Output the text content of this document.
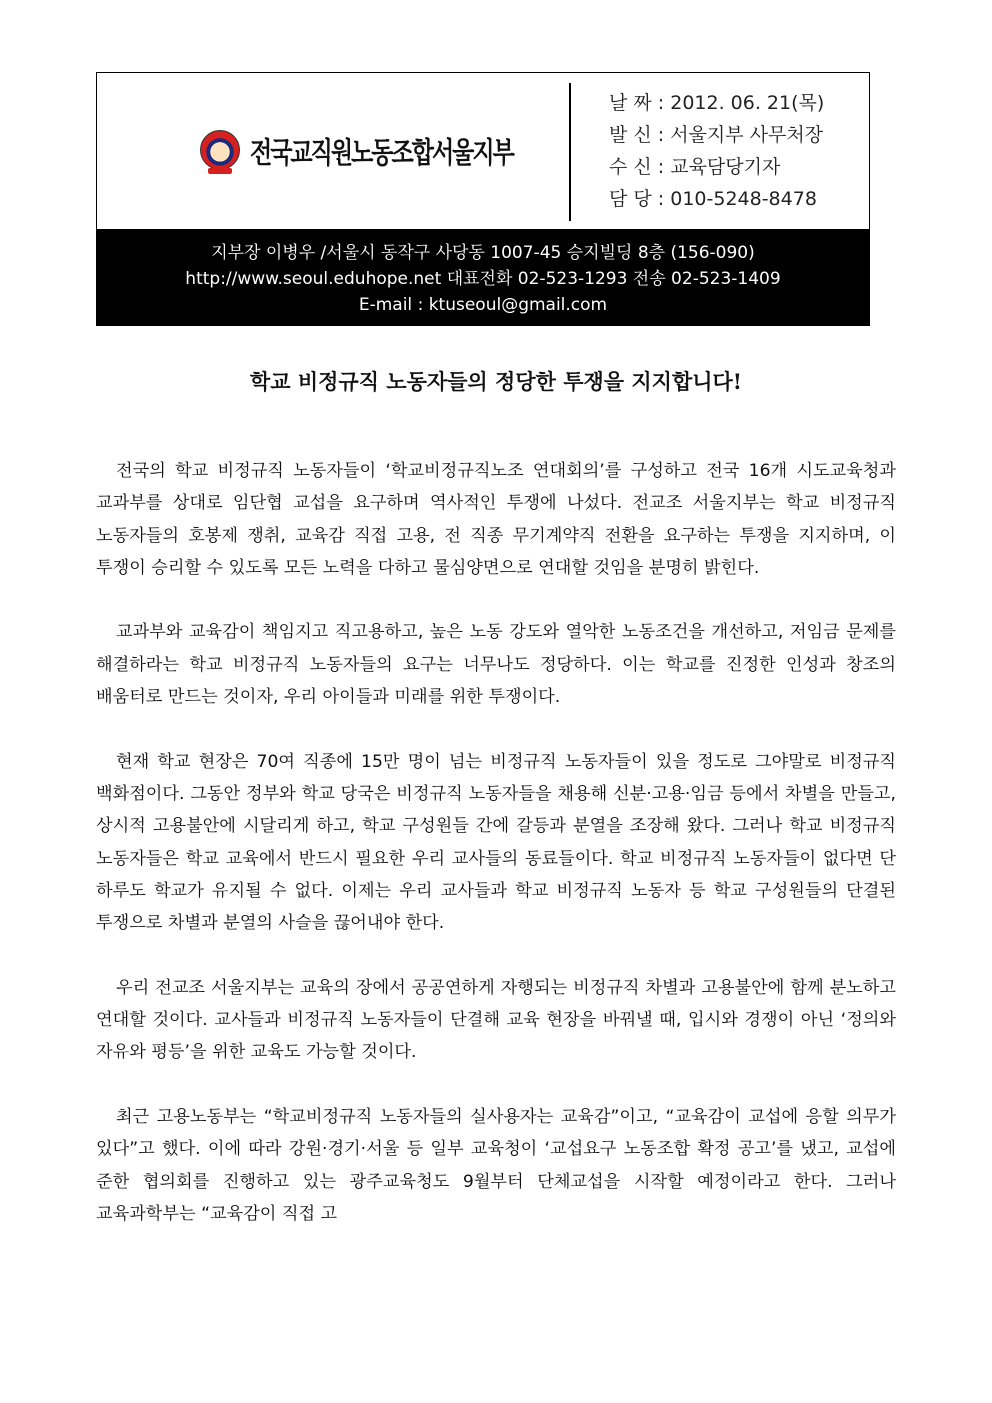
날 짜 : 2012. 06. 21(목)
발 신 : 서울지부 사무처장
수 신 : 교육담당기자
담 당 : 010-5248-8478
전국교직원노동조합서울지부
지부장 이병우 /서울시 동작구 사당동 1007-45 승지빌딩 8층 (156-090)
http://www.seoul.eduhope.net 대표전화 02-523-1293 전송 02-523-1409
E-mail : ktuseoul@gmail.com
학교 비정규직 노동자들의 정당한 투쟁을 지지합니다!

전국의 학교 비정규직 노동자들이 ‘학교비정규직노조 연대회의’를 구성하고 전국 16개 시도교육청과 교과부를 상대로 임단협 교섭을 요구하며 역사적인 투쟁에 나섰다. 전교조 서울지부는 학교 비정규직 노동자들의 호봉제 쟁취, 교육감 직접 고용, 전 직종 무기계약직 전환을 요구하는 투쟁을 지지하며, 이 투쟁이 승리할 수 있도록 모든 노력을 다하고 물심양면으로 연대할 것임을 분명히 밝힌다.

교과부와 교육감이 책임지고 직고용하고, 높은 노동 강도와 열악한 노동조건을 개선하고, 저임금 문제를 해결하라는 학교 비정규직 노동자들의 요구는 너무나도 정당하다. 이는 학교를 진정한 인성과 창조의 배움터로 만드는 것이자, 우리 아이들과 미래를 위한 투쟁이다.

현재 학교 현장은 70여 직종에 15만 명이 넘는 비정규직 노동자들이 있을 정도로 그야말로 비정규직 백화점이다. 그동안 정부와 학교 당국은 비정규직 노동자들을 채용해 신분·고용·임금 등에서 차별을 만들고, 상시적 고용불안에 시달리게 하고, 학교 구성원들 간에 갈등과 분열을 조장해 왔다. 그러나 학교 비정규직 노동자들은 학교 교육에서 반드시 필요한 우리 교사들의 동료들이다. 학교 비정규직 노동자들이 없다면 단 하루도 학교가 유지될 수 없다. 이제는 우리 교사들과 학교 비정규직 노동자 등 학교 구성원들의 단결된 투쟁으로 차별과 분열의 사슬을 끊어내야 한다.

우리 전교조 서울지부는 교육의 장에서 공공연하게 자행되는 비정규직 차별과 고용불안에 함께 분노하고 연대할 것이다. 교사들과 비정규직 노동자들이 단결해 교육 현장을 바꿔낼 때, 입시와 경쟁이 아닌 ‘정의와 자유와 평등’을 위한 교육도 가능할 것이다.

최근 고용노동부는 “학교비정규직 노동자들의 실사용자는 교육감”이고, “교육감이 교섭에 응할 의무가 있다”고 했다. 이에 따라 강원·경기·서울 등 일부 교육청이 ‘교섭요구 노동조합 확정 공고’를 냈고, 교섭에 준한 협의회를 진행하고 있는 광주교육청도 9월부터 단체교섭을 시작할 예정이라고 한다. 그러나 교육과학부는 “교육감이 직접 고
